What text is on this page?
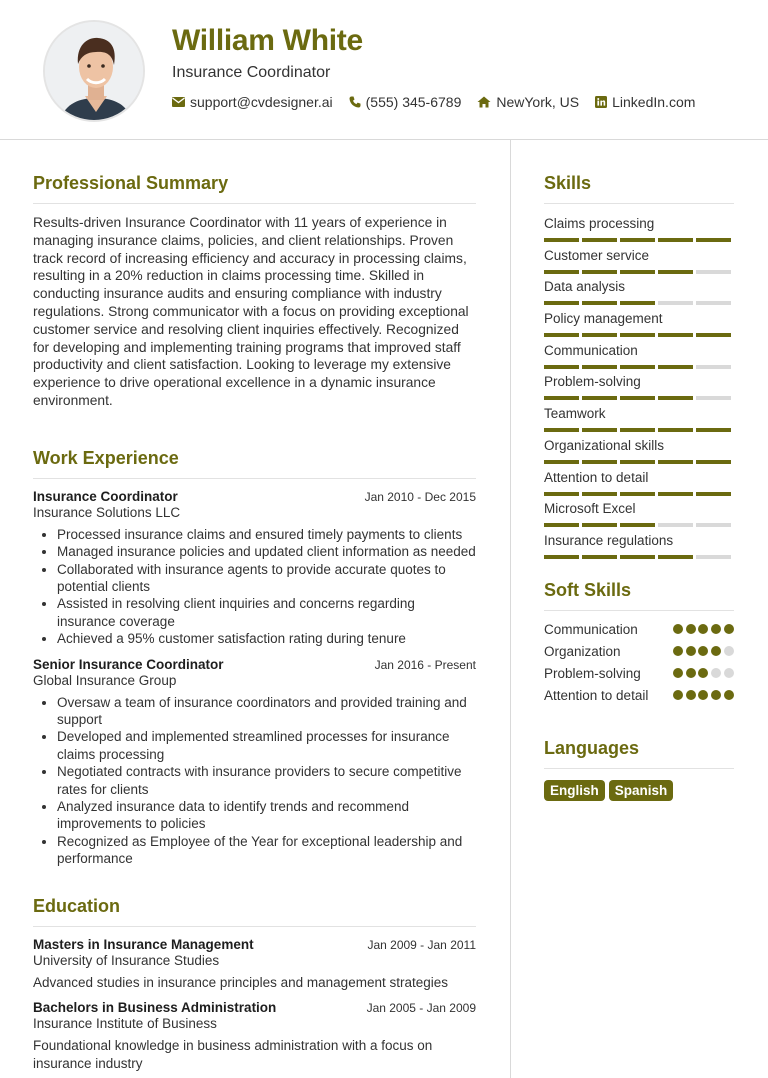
William White
Insurance Coordinator
support@cvdesigner.ai (555) 345-6789	NewYork, US LinkedIn.com
Professional Summary
Results-driven Insurance Coordinator with 11 years of experience in managing insurance claims, policies, and client relationships. Proven track record of increasing efficiency and accuracy in processing claims, resulting in a 20% reduction in claims processing time. Skilled in conducting insurance audits and ensuring compliance with industry regulations. Strong communicator with a focus on providing exceptional customer service and resolving client inquiries effectively. Recognized for developing and implementing training programs that improved staff productivity and client satisfaction. Looking to leverage my extensive experience to drive operational excellence in a dynamic insurance environment.
Work Experience
Insurance Coordinator	Jan 2010 - Dec 2015
Insurance Solutions LLC
• Processed insurance claims and ensured timely payments to clients
• Managed insurance policies and updated client information as needed
• Collaborated with insurance agents to provide accurate quotes to potential clients
• Assisted in resolving client inquiries and concerns regarding insurance coverage
• Achieved a 95% customer satisfaction rating during tenure
Senior Insurance Coordinator	Jan 2016 - Present
Global Insurance Group
• Oversaw a team of insurance coordinators and provided training and support
• Developed and implemented streamlined processes for insurance claims processing
• Negotiated contracts with insurance providers to secure competitive rates for clients
• Analyzed insurance data to identify trends and recommend improvements to policies
• Recognized as Employee of the Year for exceptional leadership and performance
Education
Masters in Insurance Management	Jan 2009 - Jan 2011
University of Insurance Studies
Advanced studies in insurance principles and management strategies
Bachelors in Business Administration	Jan 2005 - Jan 2009
Insurance Institute of Business
Foundational knowledge in business administration with a focus on insurance industry
Skills
Claims processing
Customer service
Data analysis
Policy management
Communication
Problem-solving
Teamwork
Organizational skills
Attention to detail
Microsoft Excel
Insurance regulations
Soft Skills
Communication
Organization
Problem-solving
Attention to detail
Languages
English	Spanish
